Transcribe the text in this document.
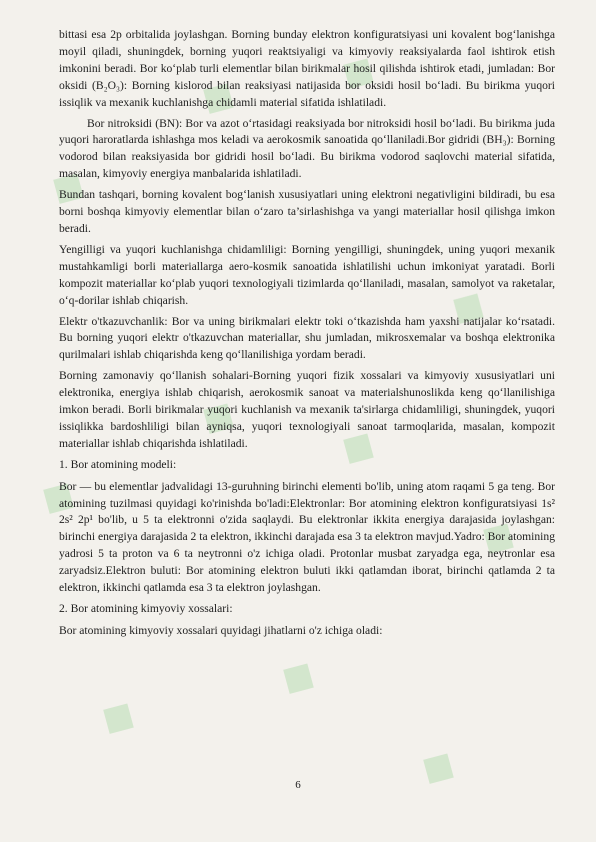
◆
◆ ◆
◆
◆
◆
◆
◆
◆
◆
◆

bittasi esa 2p orbitalida joylashgan. Borning bunday elektron konfiguratsiyasi uni kovalent bog‘lanishga moyil qiladi, shuningdek, borning yuqori reaktsiyaligi va kimyoviy reaksiyalarda faol ishtirok etish imkonini beradi. Bor ko‘plab turli elementlar bilan birikmalar hosil qilishda ishtirok etadi, jumladan: Bor oksidi (B₂O₃): Borning kislorod bilan reaksiyasi natijasida bor oksidi hosil bo‘ladi. Bu birikma yuqori issiqlik va mexanik kuchlanishga chidamli material sifatida ishlatiladi.

Bor nitroksidi (BN): Bor va azot o‘rtasidagi reaksiyada bor nitroksidi hosil bo‘ladi. Bu birikma juda yuqori haroratlarda ishlashga mos keladi va aerokosmik sanoatida qo‘llaniladi.Bor gidridi (BH₃): Borning vodorod bilan reaksiyasida bor gidridi hosil bo‘ladi. Bu birikma vodorod saqlovchi material sifatida, masalan, kimyoviy energiya manbalarida ishlatiladi.

Bundan tashqari, borning kovalent bog‘lanish xususiyatlari uning elektroni negativligini bildiradi, bu esa borni boshqa kimyoviy elementlar bilan o‘zaro ta’sirlashishga va yangi materiallar hosil qilishga imkon beradi.

Yengilligi va yuqori kuchlanishga chidamliligi: Borning yengilligi, shuningdek, uning yuqori mexanik mustahkamligi borli materiallarga aero-kosmik sanoatida ishlatilishi uchun imkoniyat yaratadi. Borli kompozit materiallar ko‘plab yuqori texnologiyali tizimlarda qo‘llaniladi, masalan, samolyot va raketalar, o‘q-dorilar ishlab chiqarish.

Elektr o'tkazuvchanlik: Bor va uning birikmalari elektr toki o‘tkazishda ham yaxshi natijalar ko‘rsatadi. Bu borning yuqori elektr o'tkazuvchan materiallar, shu jumladan, mikrosxemalar va boshqa elektronika qurilmalari ishlab chiqarishda keng qo‘llanilishiga yordam beradi.

Borning zamonaviy qo‘llanish sohalari-Borning yuqori fizik xossalari va kimyoviy xususiyatlari uni elektronika, energiya ishlab chiqarish, aerokosmik sanoat va materialshunoslikda keng qo‘llanilishiga imkon beradi. Borli birikmalar yuqori kuchlanish va mexanik ta'sirlarga chidamliligi, shuningdek, yuqori issiqlikka bardoshliligi bilan ayniqsa, yuqori texnologiyali sanoat tarmoqlarida, masalan, kompozit materiallar ishlab chiqarishda ishlatiladi.

1. Bor atomining modeli:

Bor — bu elementlar jadvalidagi 13-guruhning birinchi elementi bo'lib, uning atom raqami 5 ga teng. Bor atomining tuzilmasi quyidagi ko'rinishda bo'ladi:Elektronlar: Bor atomining elektron konfiguratsiyasi 1s² 2s² 2p¹ bo'lib, u 5 ta elektronni o'zida saqlaydi. Bu elektronlar ikkita energiya darajasida joylashgan: birinchi energiya darajasida 2 ta elektron, ikkinchi darajada esa 3 ta elektron mavjud.Yadro: Bor atomining yadrosi 5 ta proton va 6 ta neytronni o'z ichiga oladi. Protonlar musbat zaryadga ega, neytronlar esa zaryadsiz.Elektron buluti: Bor atomining elektron buluti ikki qatlamdan iborat, birinchi qatlamda 2 ta elektron, ikkinchi qatlamda esa 3 ta elektron joylashgan.

2. Bor atomining kimyoviy xossalari:

Bor atomining kimyoviy xossalari quyidagi jihatlarni o'z ichiga oladi:

6
